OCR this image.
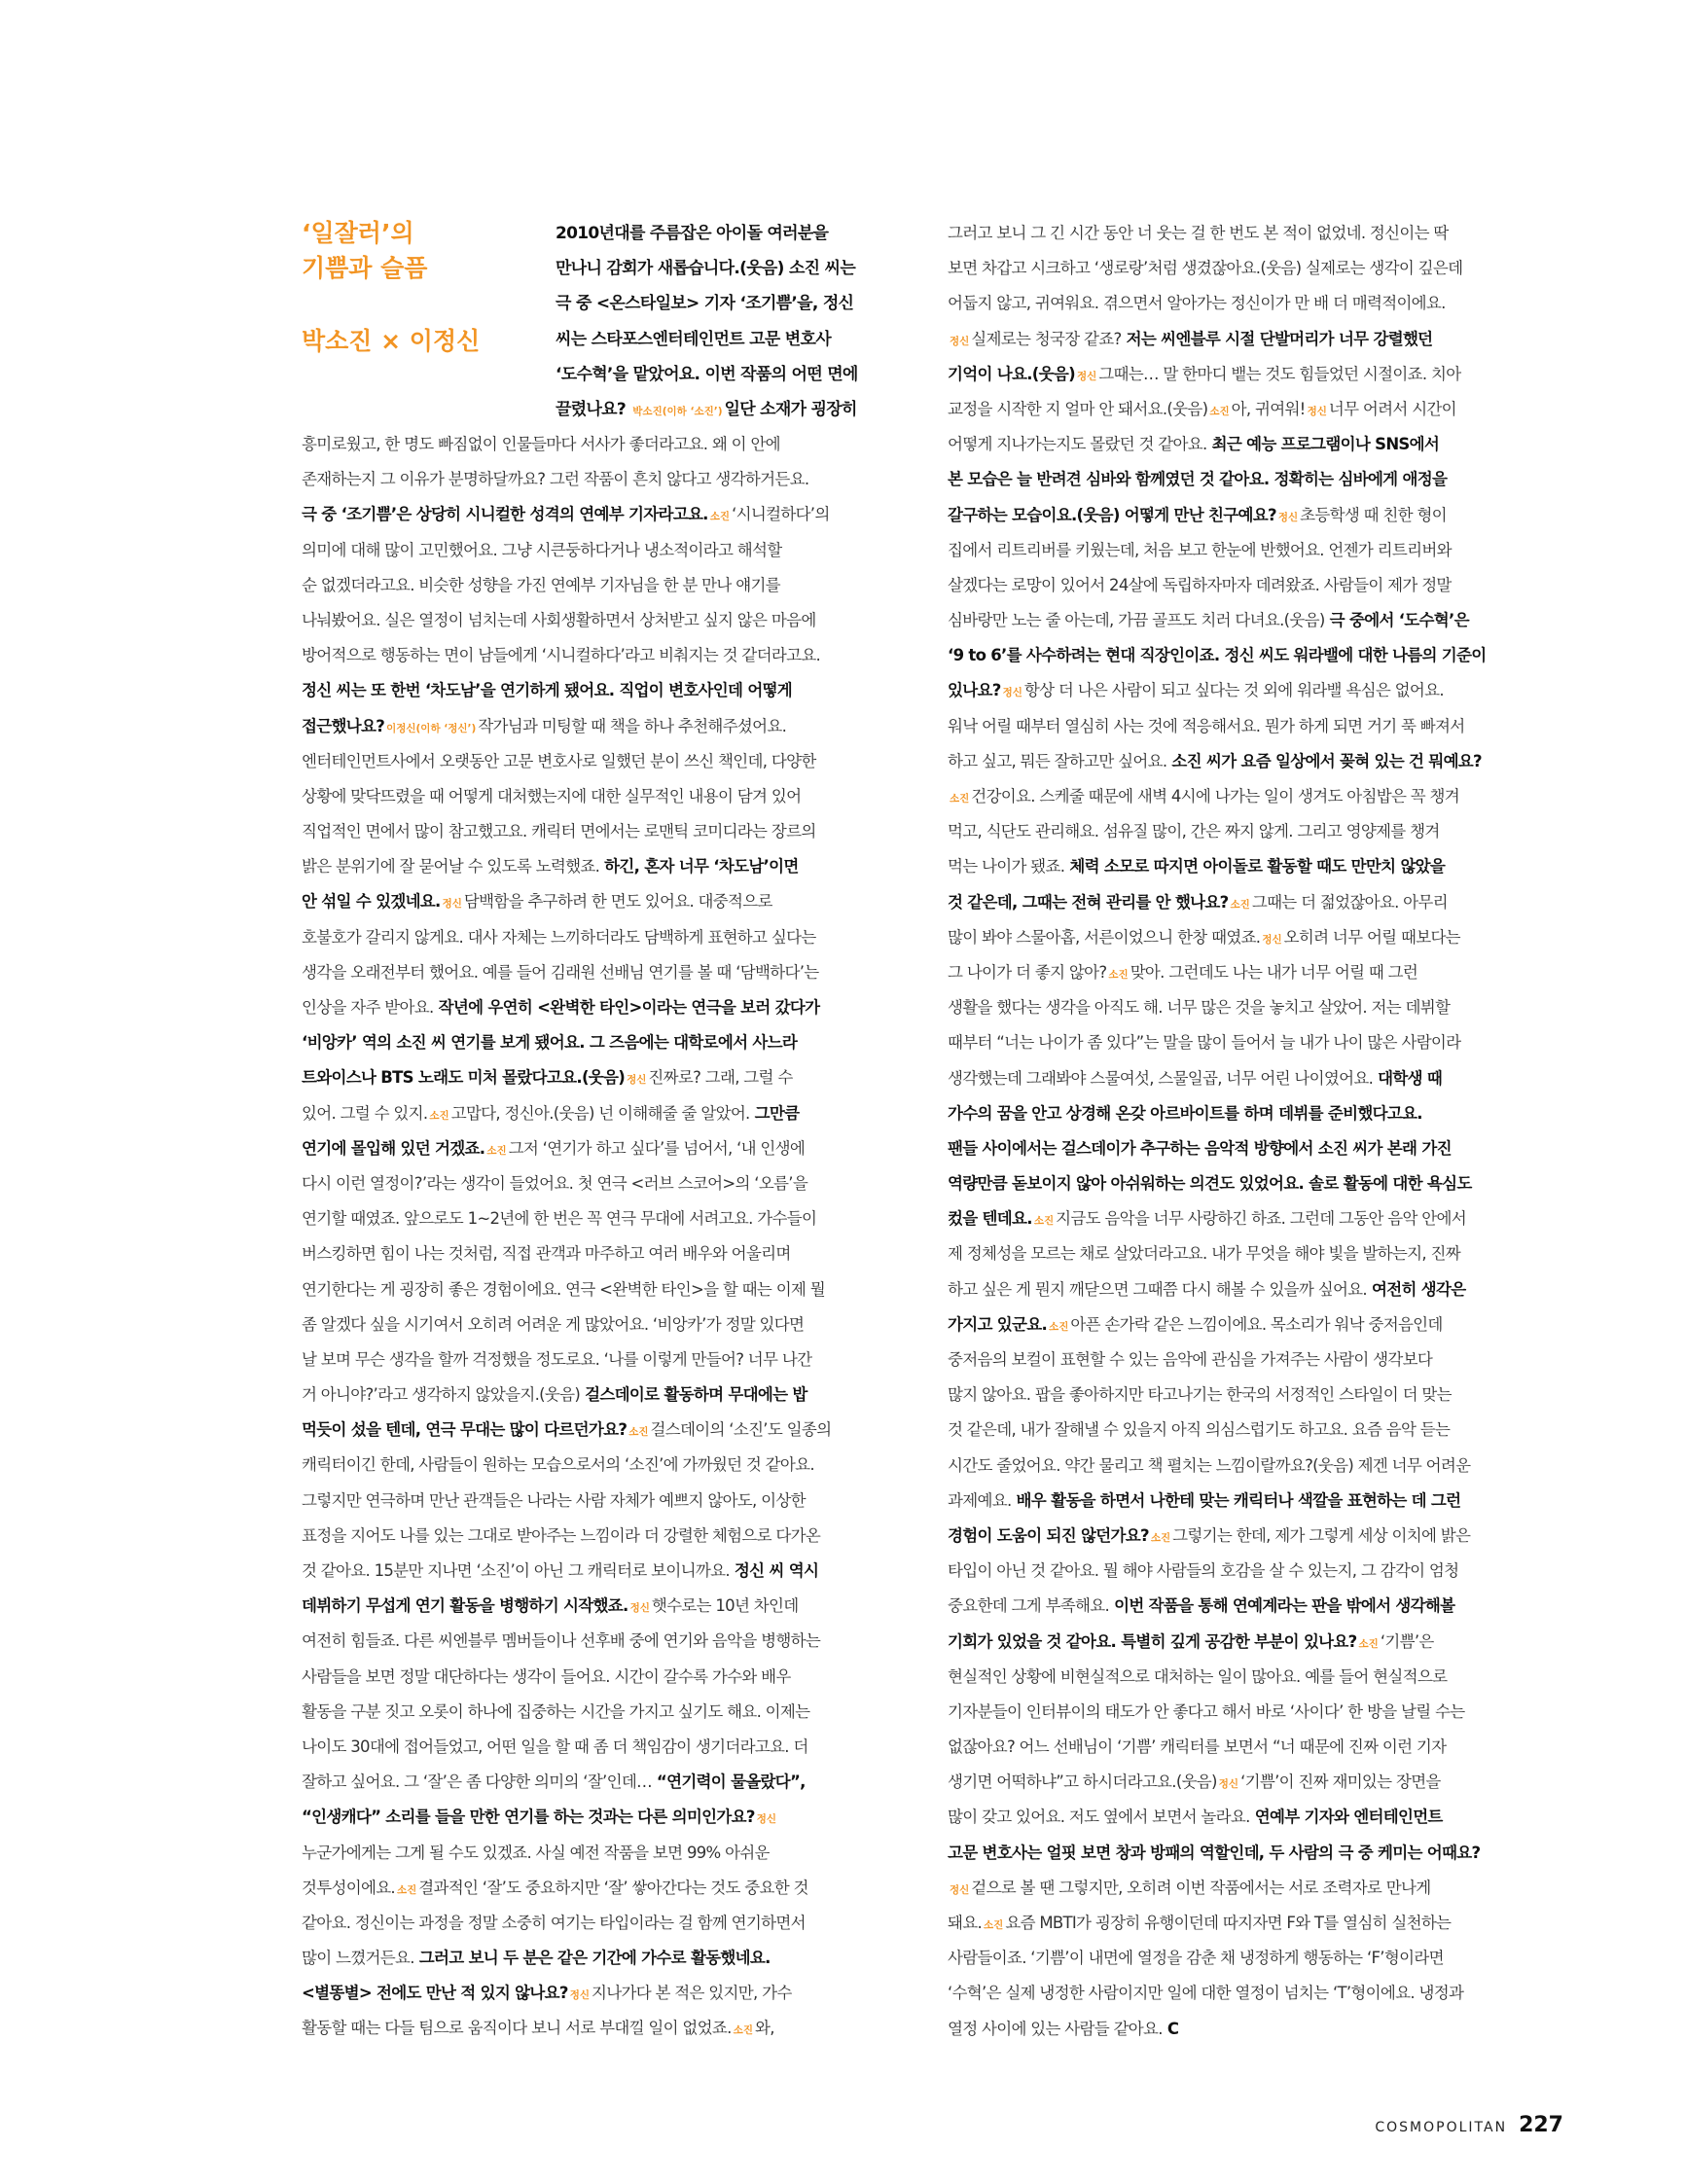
‘일잘러’의
기쁨과 슬픔
박소진 × 이정신
2010년대를 주름잡은 아이돌 여러분을
만나니 감회가 새롭습니다.(웃음) 소진 씨는
극 중 <온스타일보> 기자 ‘조기쁨’을, 정신
씨는 스타포스엔터테인먼트 고문 변호사
‘도수혁’을 맡았어요. 이번 작품의 어떤 면에
끌렸나요? 박소진(이하 ‘소진’) 일단 소재가 굉장히
흥미로웠고, 한 명도 빠짐없이 인물들마다 서사가 좋더라고요. 왜 이 안에
존재하는지 그 이유가 분명하달까요? 그런 작품이 흔치 않다고 생각하거든요.
극 중 ‘조기쁨’은 상당히 시니컬한 성격의 연예부 기자라고요. 소진 ‘시니컬하다’의
의미에 대해 많이 고민했어요. 그냥 시큰둥하다거나 냉소적이라고 해석할
순 없겠더라고요. 비슷한 성향을 가진 연예부 기자님을 한 분 만나 얘기를
나눠봤어요. 실은 열정이 넘치는데 사회생활하면서 상처받고 싶지 않은 마음에
방어적으로 행동하는 면이 남들에게 ‘시니컬하다’라고 비춰지는 것 같더라고요.
정신 씨는 또 한번 ‘차도남’을 연기하게 됐어요. 직업이 변호사인데 어떻게
접근했나요? 이정신(이하 ‘정신’) 작가님과 미팅할 때 책을 하나 추천해주셨어요.
엔터테인먼트사에서 오랫동안 고문 변호사로 일했던 분이 쓰신 책인데, 다양한
상황에 맞닥뜨렸을 때 어떻게 대처했는지에 대한 실무적인 내용이 담겨 있어
직업적인 면에서 많이 참고했고요. 캐릭터 면에서는 로맨틱 코미디라는 장르의
밝은 분위기에 잘 묻어날 수 있도록 노력했죠. 하긴, 혼자 너무 ‘차도남’이면
안 섞일 수 있겠네요. 정신 담백함을 추구하려 한 면도 있어요. 대중적으로
호불호가 갈리지 않게요. 대사 자체는 느끼하더라도 담백하게 표현하고 싶다는
생각을 오래전부터 했어요. 예를 들어 김래원 선배님 연기를 볼 때 ‘담백하다’는
인상을 자주 받아요. 작년에 우연히 <완벽한 타인>이라는 연극을 보러 갔다가
‘비앙카’ 역의 소진 씨 연기를 보게 됐어요. 그 즈음에는 대학로에서 사느라
트와이스나 BTS 노래도 미처 몰랐다고요.(웃음) 정신 진짜로? 그래, 그럴 수
있어. 그럴 수 있지. 소진 고맙다, 정신아.(웃음) 넌 이해해줄 줄 알았어. 그만큼
연기에 몰입해 있던 거겠죠. 소진 그저 ‘연기가 하고 싶다’를 넘어서, ‘내 인생에
다시 이런 열정이?’라는 생각이 들었어요. 첫 연극 <러브 스코어>의 ‘오름’을
연기할 때였죠. 앞으로도 1~2년에 한 번은 꼭 연극 무대에 서려고요. 가수들이
버스킹하면 힘이 나는 것처럼, 직접 관객과 마주하고 여러 배우와 어울리며
연기한다는 게 굉장히 좋은 경험이에요. 연극 <완벽한 타인>을 할 때는 이제 뭘
좀 알겠다 싶을 시기여서 오히려 어려운 게 많았어요. ‘비앙카’가 정말 있다면
날 보며 무슨 생각을 할까 걱정했을 정도로요. ‘나를 이렇게 만들어? 너무 나간
거 아니야?’라고 생각하지 않았을지.(웃음) 걸스데이로 활동하며 무대에는 밥
먹듯이 섰을 텐데, 연극 무대는 많이 다르던가요? 소진 걸스데이의 ‘소진’도 일종의
캐릭터이긴 한데, 사람들이 원하는 모습으로서의 ‘소진’에 가까웠던 것 같아요.
그렇지만 연극하며 만난 관객들은 나라는 사람 자체가 예쁘지 않아도, 이상한
표정을 지어도 나를 있는 그대로 받아주는 느낌이라 더 강렬한 체험으로 다가온
것 같아요. 15분만 지나면 ‘소진’이 아닌 그 캐릭터로 보이니까요. 정신 씨 역시
데뷔하기 무섭게 연기 활동을 병행하기 시작했죠. 정신 햇수로는 10년 차인데
여전히 힘들죠. 다른 씨엔블루 멤버들이나 선후배 중에 연기와 음악을 병행하는
사람들을 보면 정말 대단하다는 생각이 들어요. 시간이 갈수록 가수와 배우
활동을 구분 짓고 오롯이 하나에 집중하는 시간을 가지고 싶기도 해요. 이제는
나이도 30대에 접어들었고, 어떤 일을 할 때 좀 더 책임감이 생기더라고요. 더
잘하고 싶어요. 그 ‘잘’은 좀 다양한 의미의 ‘잘’인데… “연기력이 물올랐다”,
“인생캐다” 소리를 들을 만한 연기를 하는 것과는 다른 의미인가요? 정신
누군가에게는 그게 될 수도 있겠죠. 사실 예전 작품을 보면 99% 아쉬운
것투성이에요. 소진 결과적인 ‘잘’도 중요하지만 ‘잘’ 쌓아간다는 것도 중요한 것
같아요. 정신이는 과정을 정말 소중히 여기는 타입이라는 걸 함께 연기하면서
많이 느꼈거든요. 그러고 보니 두 분은 같은 기간에 가수로 활동했네요.
<별똥별> 전에도 만난 적 있지 않나요? 정신 지나가다 본 적은 있지만, 가수
활동할 때는 다들 팀으로 움직이다 보니 서로 부대낄 일이 없었죠. 소진 와,
그러고 보니 그 긴 시간 동안 너 웃는 걸 한 번도 본 적이 없었네. 정신이는 딱
보면 차갑고 시크하고 ‘생로랑’처럼 생겼잖아요.(웃음) 실제로는 생각이 깊은데
어둡지 않고, 귀여워요. 겪으면서 알아가는 정신이가 만 배 더 매력적이에요.
정신 실제로는 청국장 같죠? 저는 씨엔블루 시절 단발머리가 너무 강렬했던
기억이 나요.(웃음) 정신 그때는… 말 한마디 뱉는 것도 힘들었던 시절이죠. 치아
교정을 시작한 지 얼마 안 돼서요.(웃음) 소진 아, 귀여워! 정신 너무 어려서 시간이
어떻게 지나가는지도 몰랐던 것 같아요. 최근 예능 프로그램이나 SNS에서
본 모습은 늘 반려견 심바와 함께였던 것 같아요. 정확히는 심바에게 애정을
갈구하는 모습이요.(웃음) 어떻게 만난 친구예요? 정신 초등학생 때 친한 형이
집에서 리트리버를 키웠는데, 처음 보고 한눈에 반했어요. 언젠가 리트리버와
살겠다는 로망이 있어서 24살에 독립하자마자 데려왔죠. 사람들이 제가 정말
심바랑만 노는 줄 아는데, 가끔 골프도 치러 다녀요.(웃음) 극 중에서 ‘도수혁’은
‘9 to 6’를 사수하려는 현대 직장인이죠. 정신 씨도 워라밸에 대한 나름의 기준이
있나요? 정신 항상 더 나은 사람이 되고 싶다는 것 외에 워라밸 욕심은 없어요.
워낙 어릴 때부터 열심히 사는 것에 적응해서요. 뭔가 하게 되면 거기 푹 빠져서
하고 싶고, 뭐든 잘하고만 싶어요. 소진 씨가 요즘 일상에서 꽂혀 있는 건 뭐예요?
소진 건강이요. 스케줄 때문에 새벽 4시에 나가는 일이 생겨도 아침밥은 꼭 챙겨
먹고, 식단도 관리해요. 섬유질 많이, 간은 짜지 않게. 그리고 영양제를 챙겨
먹는 나이가 됐죠. 체력 소모로 따지면 아이돌로 활동할 때도 만만치 않았을
것 같은데, 그때는 전혀 관리를 안 했나요? 소진 그때는 더 젊었잖아요. 아무리
많이 봐야 스물아홉, 서른이었으니 한창 때였죠. 정신 오히려 너무 어릴 때보다는
그 나이가 더 좋지 않아? 소진 맞아. 그런데도 나는 내가 너무 어릴 때 그런
생활을 했다는 생각을 아직도 해. 너무 많은 것을 놓치고 살았어. 저는 데뷔할
때부터 “너는 나이가 좀 있다”는 말을 많이 들어서 늘 내가 나이 많은 사람이라
생각했는데 그래봐야 스물여섯, 스물일곱, 너무 어린 나이였어요. 대학생 때
가수의 꿈을 안고 상경해 온갖 아르바이트를 하며 데뷔를 준비했다고요.
팬들 사이에서는 걸스데이가 추구하는 음악적 방향에서 소진 씨가 본래 가진
역량만큼 돋보이지 않아 아쉬워하는 의견도 있었어요. 솔로 활동에 대한 욕심도
컸을 텐데요. 소진 지금도 음악을 너무 사랑하긴 하죠. 그런데 그동안 음악 안에서
제 정체성을 모르는 채로 살았더라고요. 내가 무엇을 해야 빛을 발하는지, 진짜
하고 싶은 게 뭔지 깨닫으면 그때쯤 다시 해볼 수 있을까 싶어요. 여전히 생각은
가지고 있군요. 소진 아픈 손가락 같은 느낌이에요. 목소리가 워낙 중저음인데
중저음의 보컬이 표현할 수 있는 음악에 관심을 가져주는 사람이 생각보다
많지 않아요. 팝을 좋아하지만 타고나기는 한국의 서정적인 스타일이 더 맞는
것 같은데, 내가 잘해낼 수 있을지 아직 의심스럽기도 하고요. 요즘 음악 듣는
시간도 줄었어요. 약간 물리고 책 펼치는 느낌이랄까요?(웃음) 제겐 너무 어려운
과제예요. 배우 활동을 하면서 나한테 맞는 캐릭터나 색깔을 표현하는 데 그런
경험이 도움이 되진 않던가요? 소진 그렇기는 한데, 제가 그렇게 세상 이치에 밝은
타입이 아닌 것 같아요. 뭘 해야 사람들의 호감을 살 수 있는지, 그 감각이 엄청
중요한데 그게 부족해요. 이번 작품을 통해 연예계라는 판을 밖에서 생각해볼
기회가 있었을 것 같아요. 특별히 깊게 공감한 부분이 있나요? 소진 ‘기쁨’은
현실적인 상황에 비현실적으로 대처하는 일이 많아요. 예를 들어 현실적으로
기자분들이 인터뷰이의 태도가 안 좋다고 해서 바로 ‘사이다’ 한 방을 날릴 수는
없잖아요? 어느 선배님이 ‘기쁨’ 캐릭터를 보면서 “너 때문에 진짜 이런 기자
생기면 어떡하냐”고 하시더라고요.(웃음) 정신 ‘기쁨’이 진짜 재미있는 장면을
많이 갖고 있어요. 저도 옆에서 보면서 놀라요. 연예부 기자와 엔터테인먼트
고문 변호사는 얼핏 보면 창과 방패의 역할인데, 두 사람의 극 중 케미는 어때요?
정신 겉으로 볼 땐 그렇지만, 오히려 이번 작품에서는 서로 조력자로 만나게
돼요. 소진 요즘 MBTI가 굉장히 유행이던데 따지자면 F와 T를 열심히 실천하는
사람들이죠. ‘기쁨’이 내면에 열정을 감춘 채 냉정하게 행동하는 ‘F’형이라면
‘수혁’은 실제 냉정한 사람이지만 일에 대한 열정이 넘치는 ‘T’형이에요. 냉정과
열정 사이에 있는 사람들 같아요. C
COSMOPOLITAN 227
